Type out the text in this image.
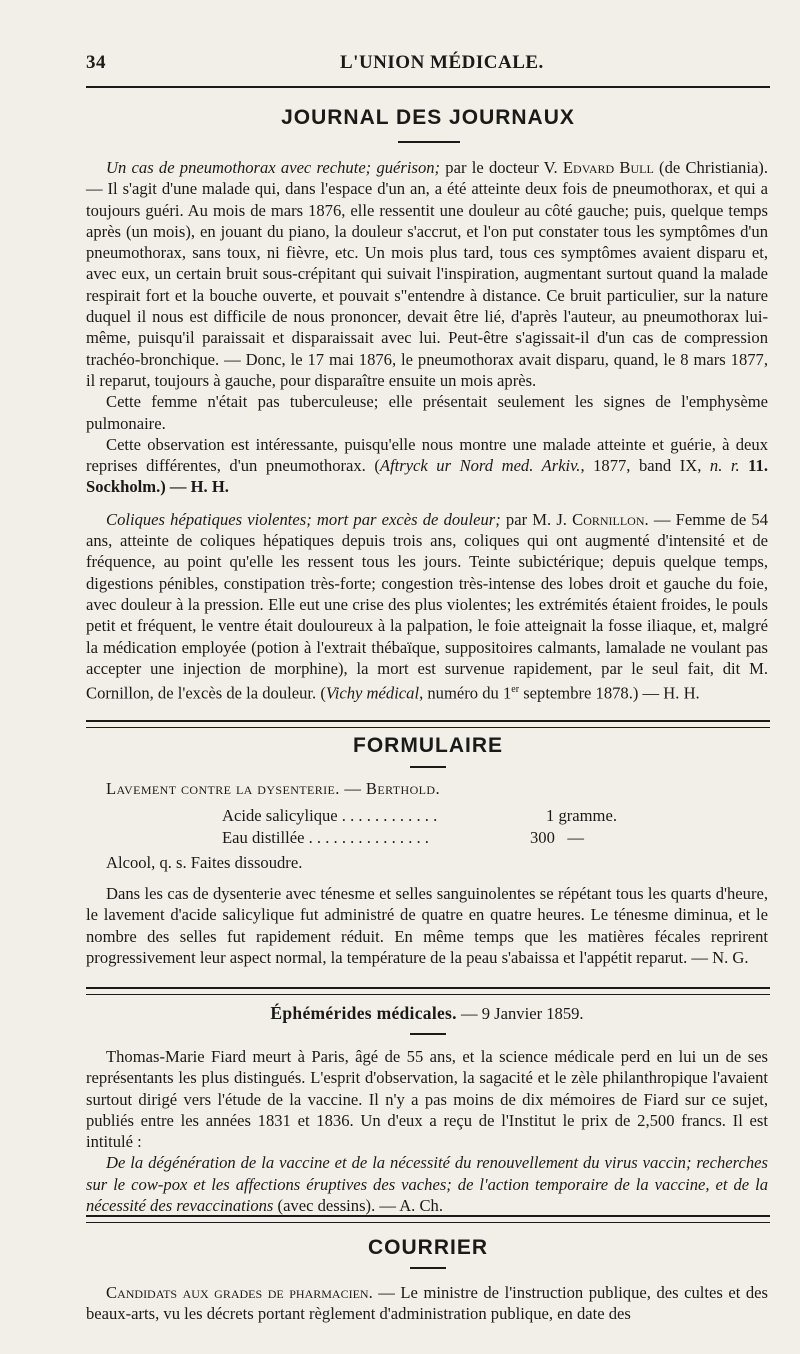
34	L'UNION MÉDICALE.
JOURNAL DES JOURNAUX

Un cas de pneumothorax avec rechute; guérison; par le docteur V. Edvard Bull (de Christiania). — Il s'agit d'une malade qui, dans l'espace d'un an, a été atteinte deux fois de pneumothorax, et qui a toujours guéri. Au mois de mars 1876, elle ressentit une douleur au côté gauche; puis, quelque temps après (un mois), en jouant du piano, la douleur s'accrut, et l'on put constater tous les symptômes d'un pneumothorax, sans toux, ni fièvre, etc. Un mois plus tard, tous ces symptômes avaient disparu et, avec eux, un certain bruit sous-crépitant qui suivait l'inspiration, augmentant surtout quand la malade respirait fort et la bouche ouverte, et pouvait s"entendre à distance. Ce bruit particulier, sur la nature duquel il nous est difficile de nous prononcer, devait être lié, d'après l'auteur, au pneumothorax lui-même, puisqu'il paraissait et disparaissait avec lui. Peut-être s'agissait-il d'un cas de compression trachéo-bronchique. — Donc, le 17 mai 1876, le pneumothorax avait disparu, quand, le 8 mars 1877, il reparut, toujours à gauche, pour disparaître ensuite un mois après.

Cette femme n'était pas tuberculeuse; elle présentait seulement les signes de l'emphysème pulmonaire.

Cette observation est intéressante, puisqu'elle nous montre une malade atteinte et guérie, à deux reprises différentes, d'un pneumothorax. (Aftryck ur Nord med. Arkiv., 1877, band IX, n. r. 11. Sockholm.) — H. H.

Coliques hépatiques violentes; mort par excès de douleur; par M. J. Cornillon. — Femme de 54 ans, atteinte de coliques hépatiques depuis trois ans, coliques qui ont augmenté d'intensité et de fréquence, au point qu'elle les ressent tous les jours. Teinte subictérique; depuis quelque temps, digestions pénibles, constipation très-forte; congestion très-intense des lobes droit et gauche du foie, avec douleur à la pression. Elle eut une crise des plus violentes; les extrémités étaient froides, le pouls petit et fréquent, le ventre était douloureux à la palpation, le foie atteignait la fosse iliaque, et, malgré la médication employée (potion à l'extrait thébaïque, suppositoires calmants, lamalade ne voulant pas accepter une injection de morphine), la mort est survenue rapidement, par le seul fait, dit M. Cornillon, de l'excès de la douleur. (Vichy médical, numéro du 1er septembre 1878.) — H. H.

FORMULAIRE
Lavement contre la dysenterie. — Berthold.
Acide salicylique . . . . . . . . . . . .	1 gramme.
Eau distillée . . . . . . . . . . . . . . .	300   —
Alcool, q. s. Faites dissoudre.

Dans les cas de dysenterie avec ténesme et selles sanguinolentes se répétant tous les quarts d'heure, le lavement d'acide salicylique fut administré de quatre en quatre heures. Le ténesme diminua, et le nombre des selles fut rapidement réduit. En même temps que les matières fécales reprirent progressivement leur aspect normal, la température de la peau s'abaissa et l'appétit reparut. — N. G.

Éphémérides médicales. — 9 Janvier 1859.

Thomas-Marie Fiard meurt à Paris, âgé de 55 ans, et la science médicale perd en lui un de ses représentants les plus distingués. L'esprit d'observation, la sagacité et le zèle philanthropique l'avaient surtout dirigé vers l'étude de la vaccine. Il n'y a pas moins de dix mémoires de Fiard sur ce sujet, publiés entre les années 1831 et 1836. Un d'eux a reçu de l'Institut le prix de 2,500 francs. Il est intitulé :

De la dégénération de la vaccine et de la nécessité du renouvellement du virus vaccin; recherches sur le cow-pox et les affections éruptives des vaches; de l'action temporaire de la vaccine, et de la nécessité des revaccinations (avec dessins). — A. Ch.

COURRIER

Candidats aux grades de pharmacien. — Le ministre de l'instruction publique, des cultes et des beaux-arts, vu les décrets portant règlement d'administration publique, en date des
